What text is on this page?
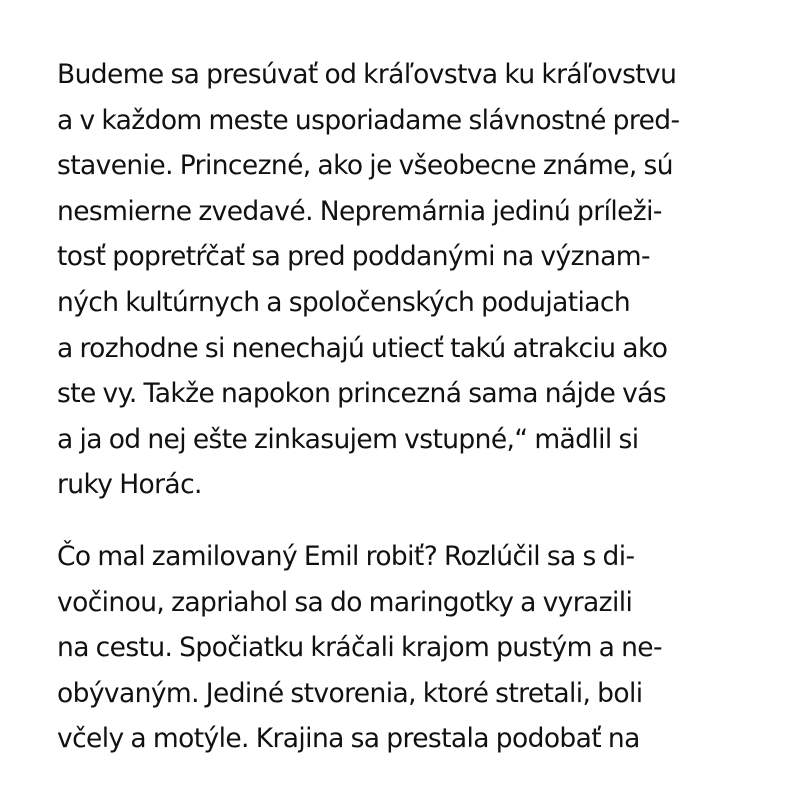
Budeme sa presúvať od kráľovstva ku kráľovstvu
a v každom meste usporiadame slávnostné pred-
stavenie. Princezné, ako je všeobecne známe, sú
nesmierne zvedavé. Nepremárnia jedinú príleži-
tosť popretŕčať sa pred poddanými na význam-
ných kultúrnych a spoločenských podujatiach
a rozhodne si nenechajú utiecť takú atrakciu ako
ste vy. Takže napokon princezná sama nájde vás
a ja od nej ešte zinkasujem vstupné,“ mädlil si
ruky Horác.

Čo mal zamilovaný Emil robiť? Rozlúčil sa s di-
vočinou, zapriahol sa do maringotky a vyrazili
na cestu. Spočiatku kráčali krajom pustým a ne-
obývaným. Jediné stvorenia, ktoré stretali, boli
včely a motýle. Krajina sa prestala podobať na
